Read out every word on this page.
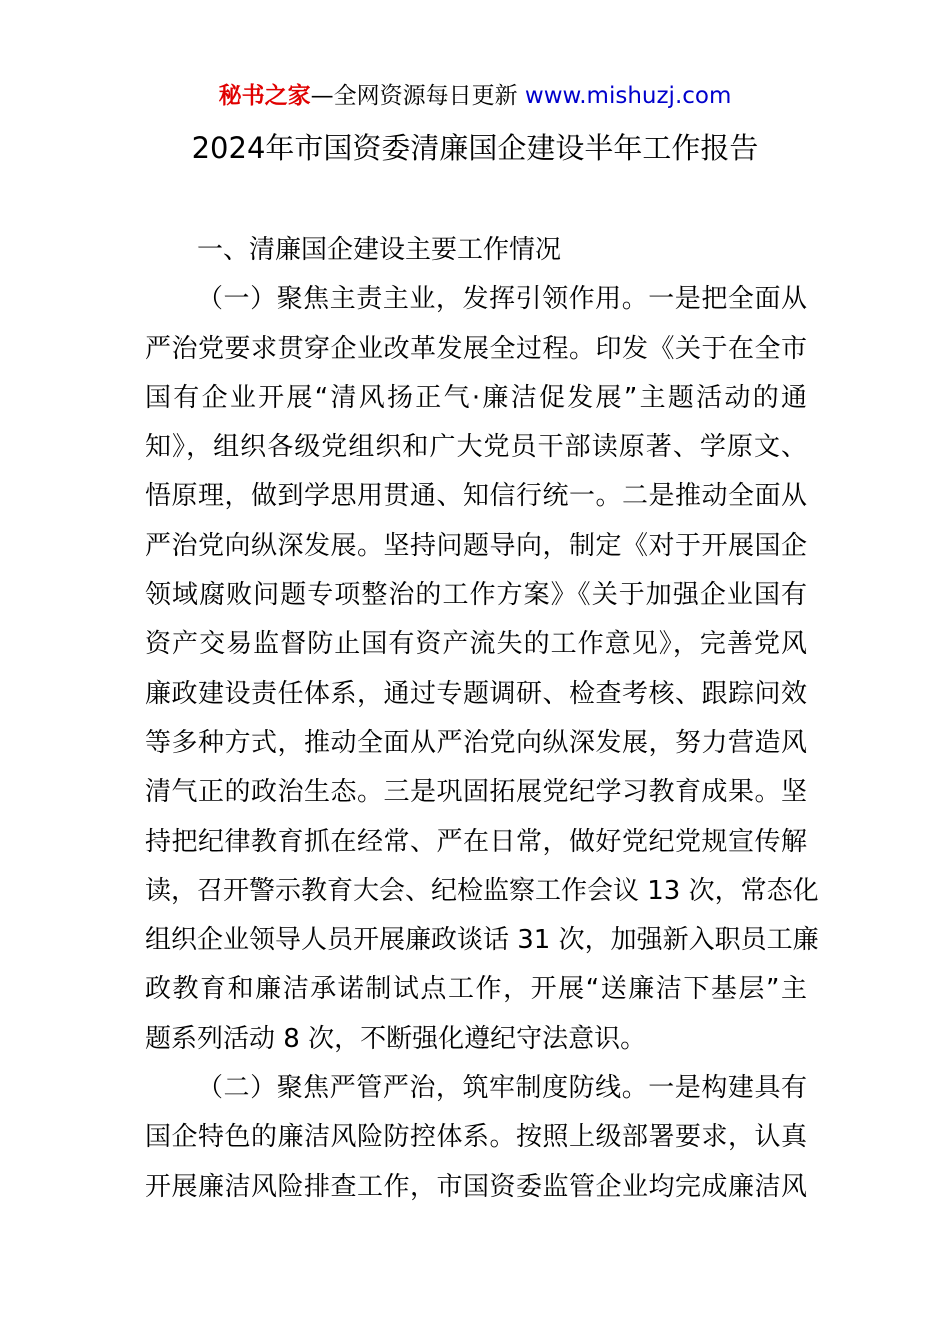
秘书之家—全网资源每日更新 www.mishuzj.com
2024年市国资委清廉国企建设半年工作报告
一、清廉国企建设主要工作情况
（一）聚焦主责主业，发挥引领作用。一是把全面从
严治党要求贯穿企业改革发展全过程。印发《关于在全市
国有企业开展“清风扬正气·廉洁促发展”主题活动的通
知》，组织各级党组织和广大党员干部读原著、学原文、
悟原理，做到学思用贯通、知信行统一。二是推动全面从
严治党向纵深发展。坚持问题导向，制定《对于开展国企
领域腐败问题专项整治的工作方案》《关于加强企业国有
资产交易监督防止国有资产流失的工作意见》，完善党风
廉政建设责任体系，通过专题调研、检查考核、跟踪问效
等多种方式，推动全面从严治党向纵深发展，努力营造风
清气正的政治生态。三是巩固拓展党纪学习教育成果。坚
持把纪律教育抓在经常、严在日常，做好党纪党规宣传解
读，召开警示教育大会、纪检监察工作会议 13 次，常态化
组织企业领导人员开展廉政谈话 31 次，加强新入职员工廉
政教育和廉洁承诺制试点工作，开展“送廉洁下基层”主
题系列活动 8 次，不断强化遵纪守法意识。
（二）聚焦严管严治，筑牢制度防线。一是构建具有
国企特色的廉洁风险防控体系。按照上级部署要求，认真
开展廉洁风险排查工作，市国资委监管企业均完成廉洁风
